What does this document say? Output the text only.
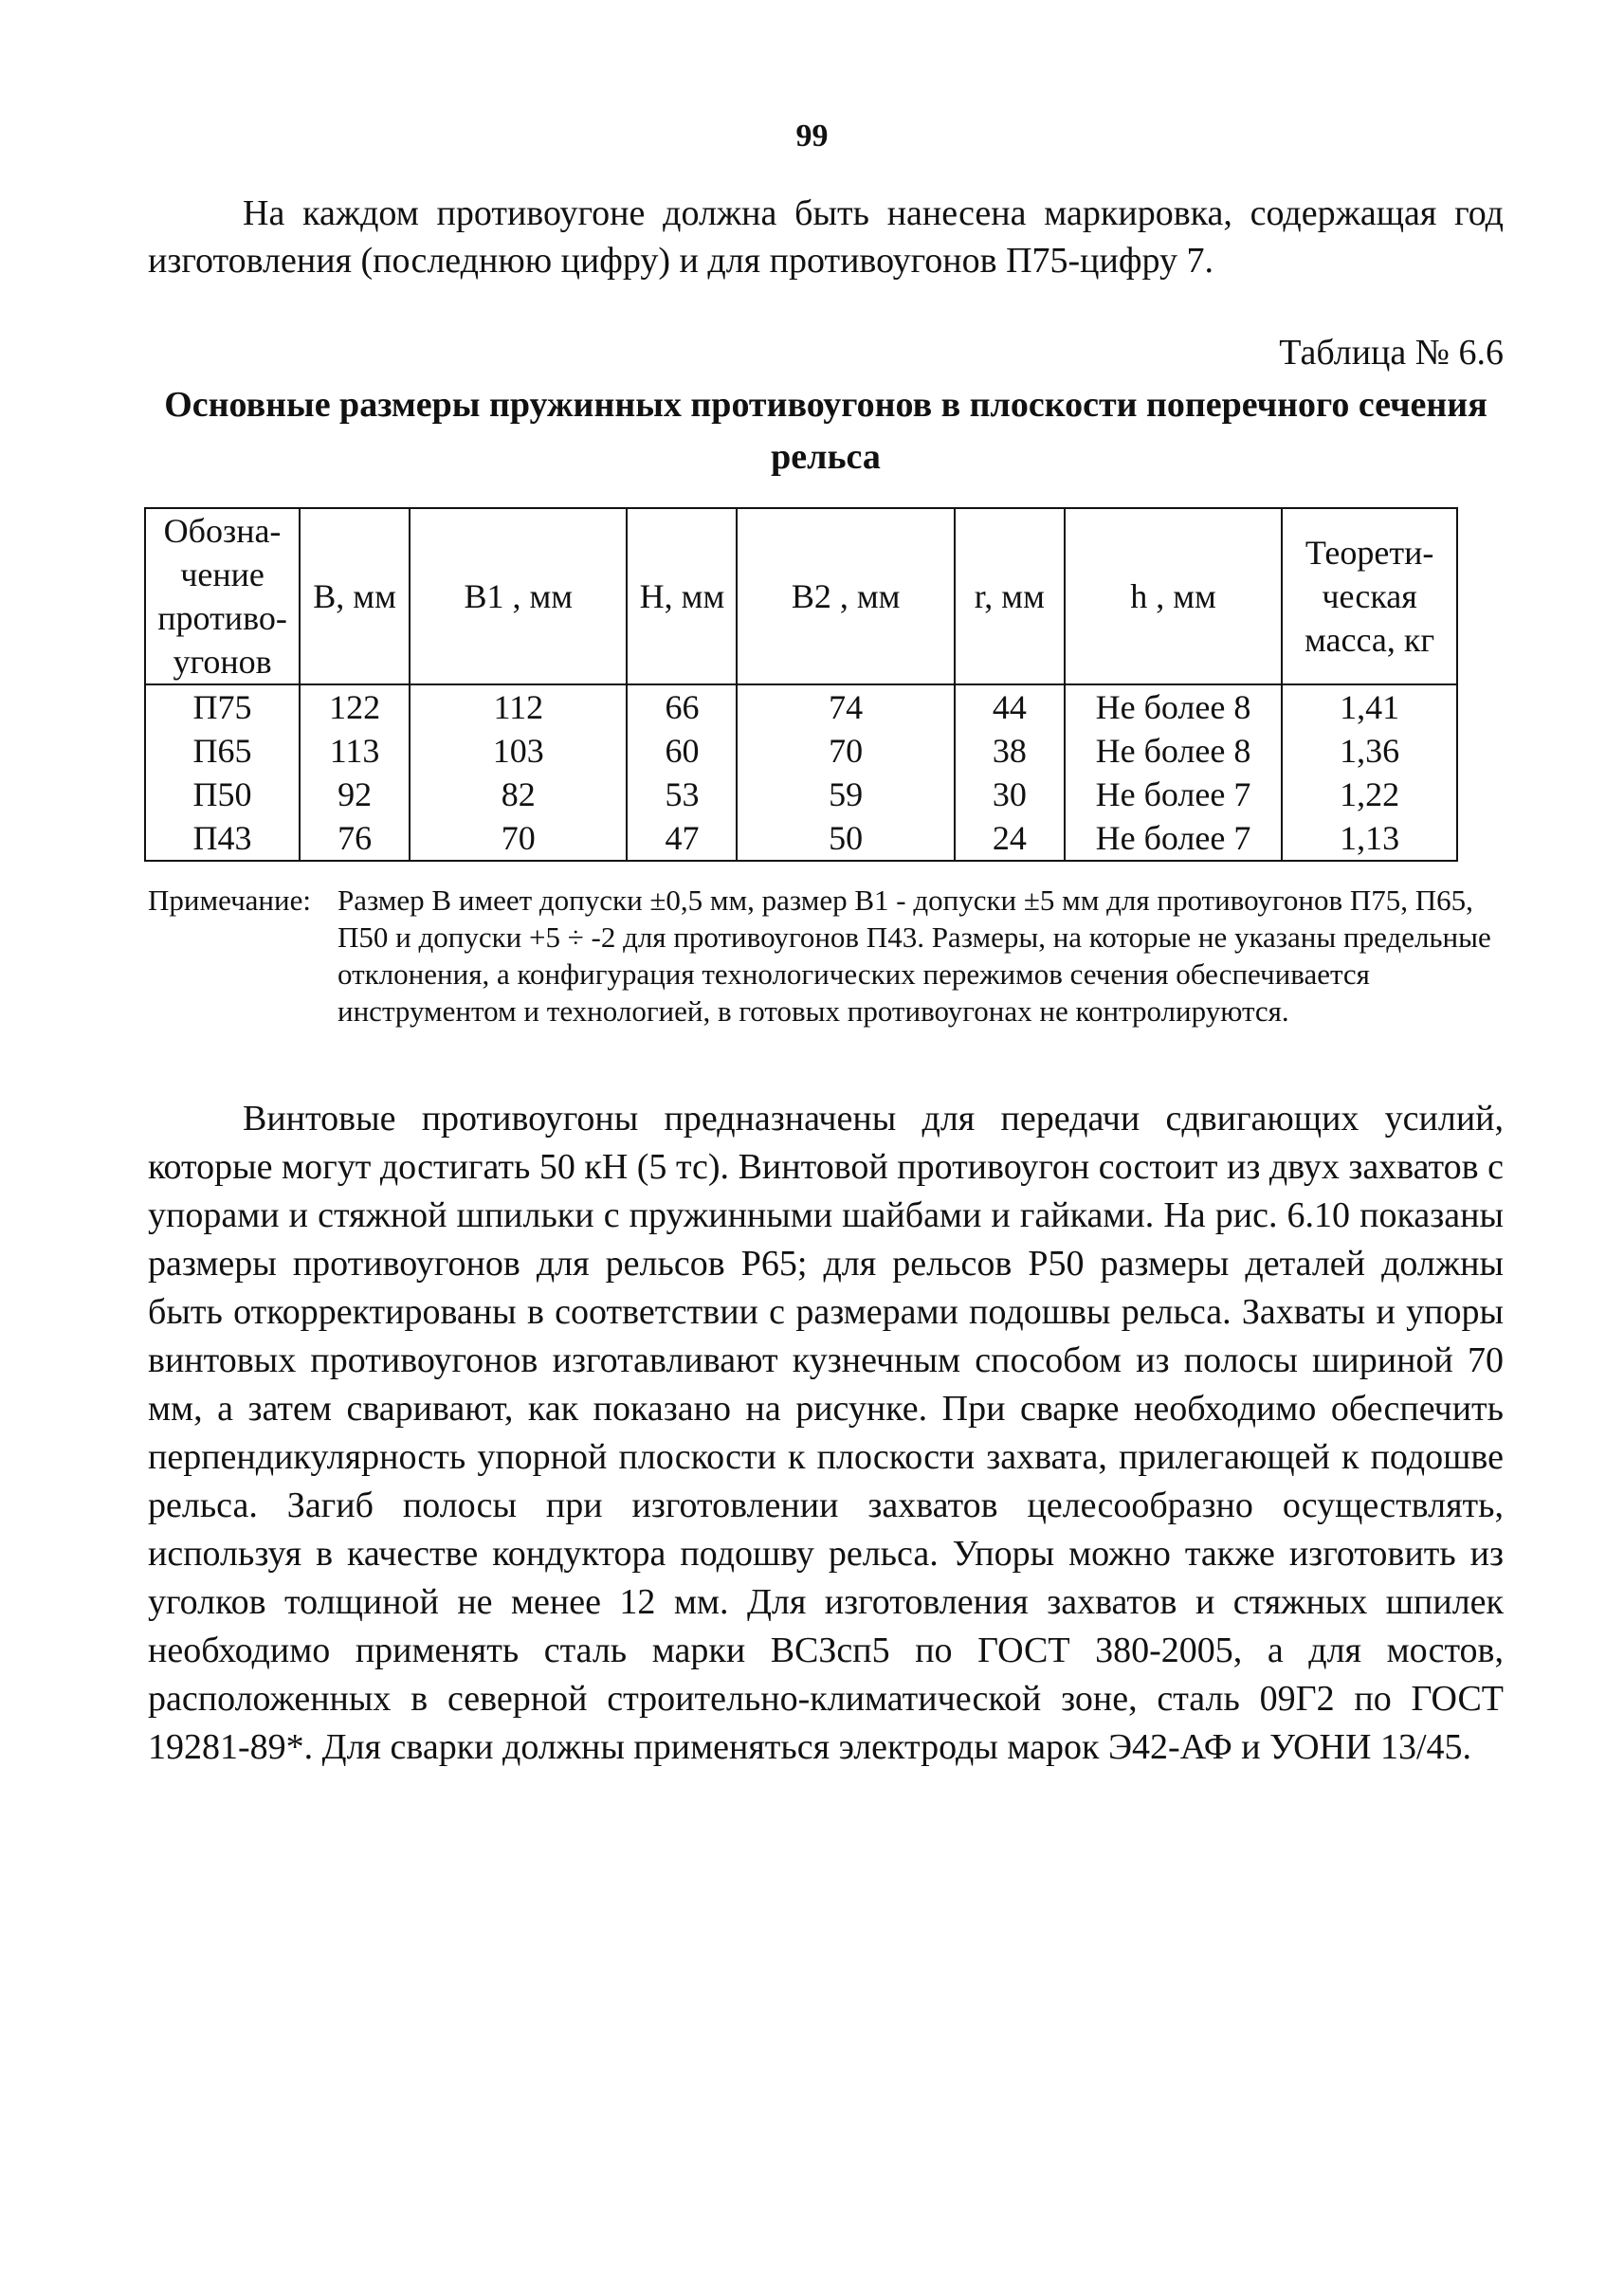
99
На каждом противоугоне должна быть нанесена маркировка, содержащая год изготовления (последнюю цифру) и для противоугонов П75-цифру 7.
Таблица № 6.6
Основные размеры пружинных противоугонов в плоскости поперечного сечения рельса
Обозна-чение противо-угонов	B, мм	B1 , мм	H, мм	B2 , мм	r, мм	h , мм	Теорети-ческая масса, кг
П75	122	112	66	74	44	Не более 8	1,41
П65	113	103	60	70	38	Не более 8	1,36
П50	92	82	53	59	30	Не более 7	1,22
П43	76	70	47	50	24	Не более 7	1,13
Примечание: Размер B имеет допуски ±0,5 мм, размер B1 - допуски ±5 мм для противоугонов П75, П65, П50 и допуски +5 ÷ -2 для противоугонов П43. Размеры, на которые не указаны предельные отклонения, а конфигурация технологических пережимов сечения обеспечивается инструментом и технологией, в готовых противоугонах не контролируются.
Винтовые противоугоны предназначены для передачи сдвигающих усилий, которые могут достигать 50 кН (5 тс). Винтовой противоугон состоит из двух захватов с упорами и стяжной шпильки с пружинными шайбами и гайками. На рис. 6.10 показаны размеры противоугонов для рельсов Р65; для рельсов Р50 размеры деталей должны быть откорректированы в соответствии с размерами подошвы рельса. Захваты и упоры винтовых противоугонов изготавливают кузнечным способом из полосы шириной 70 мм, а затем сваривают, как показано на рисунке. При сварке необходимо обеспечить перпендикулярность упорной плоскости к плоскости захвата, прилегающей к подошве рельса. Загиб полосы при изготовлении захватов целесообразно осуществлять, используя в качестве кондуктора подошву рельса. Упоры можно также изготовить из уголков толщиной не менее 12 мм. Для изготовления захватов и стяжных шпилек необходимо применять сталь марки ВСЗсп5 по ГОСТ 380-2005, а для мостов, расположенных в северной строительно-климатической зоне, сталь 09Г2 по ГОСТ 19281-89*. Для сварки должны применяться электроды марок Э42-АФ и УОНИ 13/45.
